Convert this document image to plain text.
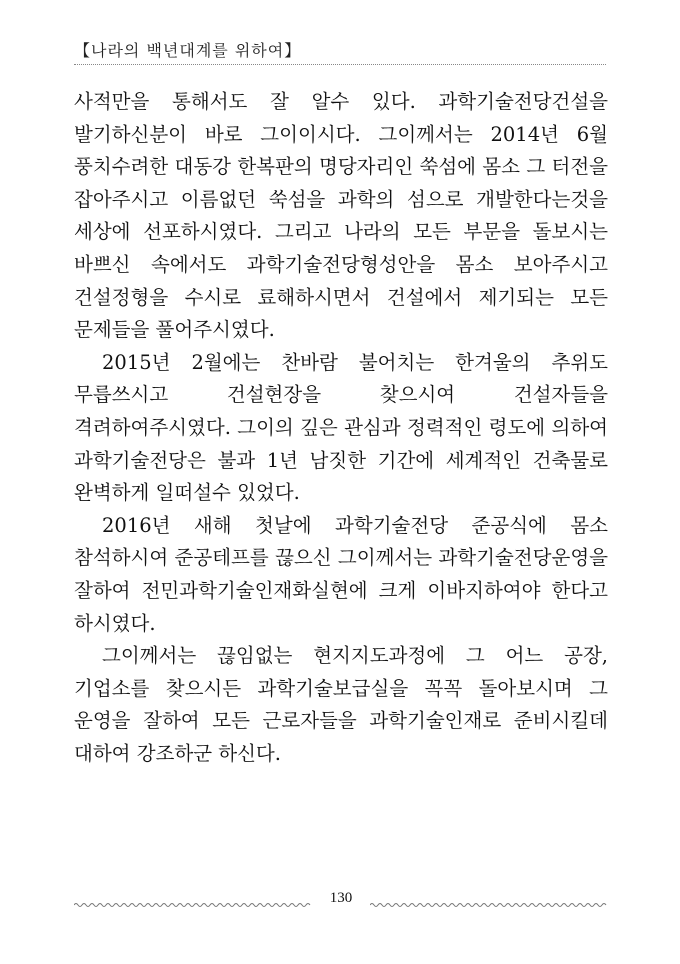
【나라의 백년대계를 위하여】

사적만을 통해서도 잘 알수 있다. 과학기술전당건설을 발기하신분이 바로 그이이시다. 그이께서는 2014년 6월 풍치수려한 대동강 한복판의 명당자리인 쑥섬에 몸소 그 터전을 잡아주시고 이름없던 쑥섬을 과학의 섬으로 개발한다는것을 세상에 선포하시였다. 그리고 나라의 모든 부문을 돌보시는 바쁘신 속에서도 과학기술전당형성안을 몸소 보아주시고 건설정형을 수시로 료해하시면서 건설에서 제기되는 모든 문제들을 풀어주시였다.

2015년 2월에는 찬바람 불어치는 한겨울의 추위도 무릅쓰시고 건설현장을 찾으시여 건설자들을 격려하여주시였다. 그이의 깊은 관심과 정력적인 령도에 의하여 과학기술전당은 불과 1년 남짓한 기간에 세계적인 건축물로 완벽하게 일떠설수 있었다.

2016년 새해 첫날에 과학기술전당 준공식에 몸소 참석하시여 준공테프를 끊으신 그이께서는 과학기술전당운영을 잘하여 전민과학기술인재화실현에 크게 이바지하여야 한다고 하시였다.

그이께서는 끊임없는 현지지도과정에 그 어느 공장, 기업소를 찾으시든 과학기술보급실을 꼭꼭 돌아보시며 그 운영을 잘하여 모든 근로자들을 과학기술인재로 준비시킬데 대하여 강조하군 하신다.

130
